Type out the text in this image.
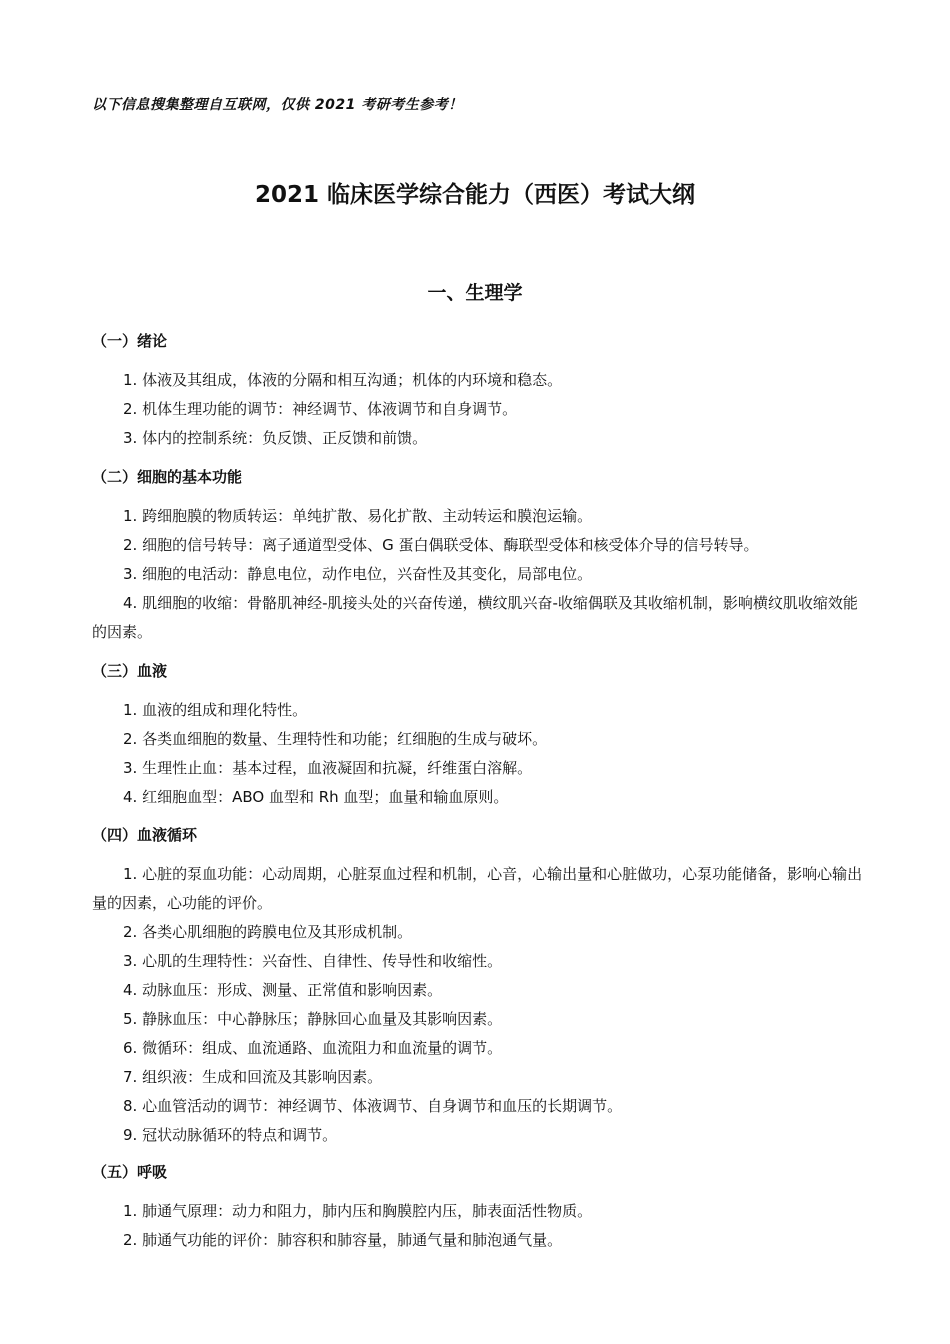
以下信息搜集整理自互联网，仅供 2021 考研考生参考！
2021 临床医学综合能力（西医）考试大纲
一、生理学
（一）绪论
1. 体液及其组成，体液的分隔和相互沟通；机体的内环境和稳态。
2. 机体生理功能的调节：神经调节、体液调节和自身调节。
3. 体内的控制系统：负反馈、正反馈和前馈。
（二）细胞的基本功能
1. 跨细胞膜的物质转运：单纯扩散、易化扩散、主动转运和膜泡运输。
2. 细胞的信号转导：离子通道型受体、G 蛋白偶联受体、酶联型受体和核受体介导的信号转导。
3. 细胞的电活动：静息电位，动作电位，兴奋性及其变化，局部电位。
4. 肌细胞的收缩：骨骼肌神经-肌接头处的兴奋传递，横纹肌兴奋-收缩偶联及其收缩机制，影响横纹肌收缩效能的因素。
（三）血液
1. 血液的组成和理化特性。
2. 各类血细胞的数量、生理特性和功能；红细胞的生成与破坏。
3. 生理性止血：基本过程，血液凝固和抗凝，纤维蛋白溶解。
4. 红细胞血型：ABO 血型和 Rh 血型；血量和输血原则。
（四）血液循环
1. 心脏的泵血功能：心动周期，心脏泵血过程和机制，心音，心输出量和心脏做功，心泵功能储备，影响心输出量的因素，心功能的评价。
2. 各类心肌细胞的跨膜电位及其形成机制。
3. 心肌的生理特性：兴奋性、自律性、传导性和收缩性。
4. 动脉血压：形成、测量、正常值和影响因素。
5. 静脉血压：中心静脉压；静脉回心血量及其影响因素。
6. 微循环：组成、血流通路、血流阻力和血流量的调节。
7. 组织液：生成和回流及其影响因素。
8. 心血管活动的调节：神经调节、体液调节、自身调节和血压的长期调节。
9. 冠状动脉循环的特点和调节。
（五）呼吸
1. 肺通气原理：动力和阻力，肺内压和胸膜腔内压，肺表面活性物质。
2. 肺通气功能的评价：肺容积和肺容量，肺通气量和肺泡通气量。
